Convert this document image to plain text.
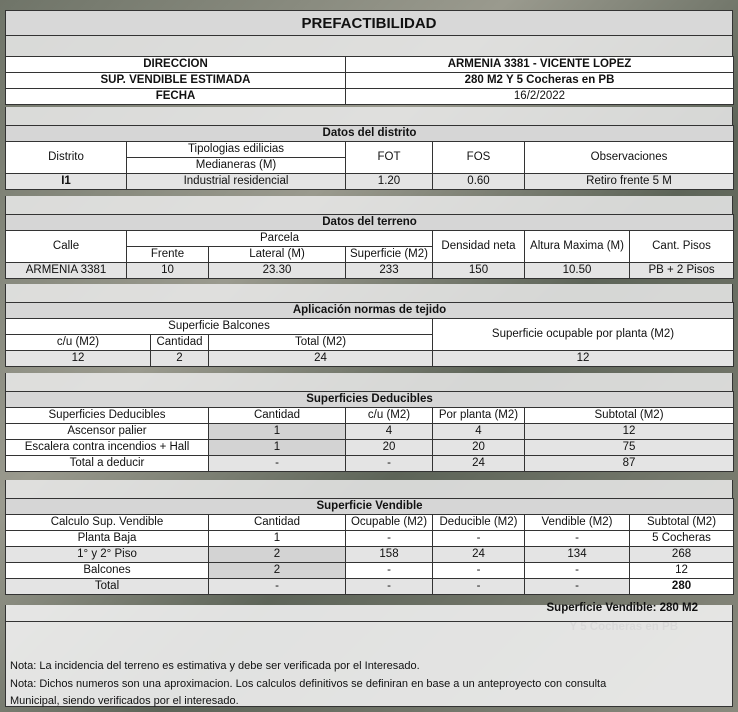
PREFACTIBILIDAD
DIRECCION	ARMENIA 3381 - VICENTE LOPEZ
SUP. VENDIBLE ESTIMADA	280 M2 Y 5 Cocheras en PB
FECHA	16/2/2022
Datos del distrito				
Distrito	Tipologias edilicias	FOT	FOS	Observaciones
	Medianeras (M)			
I1	Industrial residencial	1.20	0.60	Retiro frente 5 M
Datos del terreno						
Calle	Parcela			Densidad neta	Altura Maxima (M)	Cant. Pisos
	Frente	Lateral (M)	Superficie (M2)			
ARMENIA 3381	10	23.30	233	150	10.50	PB + 2 Pisos
Aplicación normas de tejido			
Superficie Balcones			Superficie ocupable por planta (M2)
c/u (M2)	Cantidad	Total (M2)	
12	2	24	12
Superficies Deducibles				
Superficies Deducibles	Cantidad	c/u (M2)	Por planta (M2)	Subtotal (M2)
Ascensor palier	1	4	4	12
Escalera contra incendios + Hall	1	20	20	75
Total a deducir	-	-	24	87
Superficie Vendible					
Calculo Sup. Vendible	Cantidad	Ocupable (M2)	Deducible (M2)	Vendible (M2)	Subtotal (M2)
Planta Baja	1	-	-	-	5 Cocheras
1° y 2° Piso	2	158	24	134	268
Balcones	2	-	-	-	12
Total	-	-	-	-	280
Superficie Vendible: 280 M2
Nota: La incidencia del terreno es estimativa y debe ser verificada por el Interesado.
Nota: Dichos numeros son una aproximacion. Los calculos definitivos se definiran en base a un anteproyecto con consulta
Municipal, siendo verificados por el interesado.
